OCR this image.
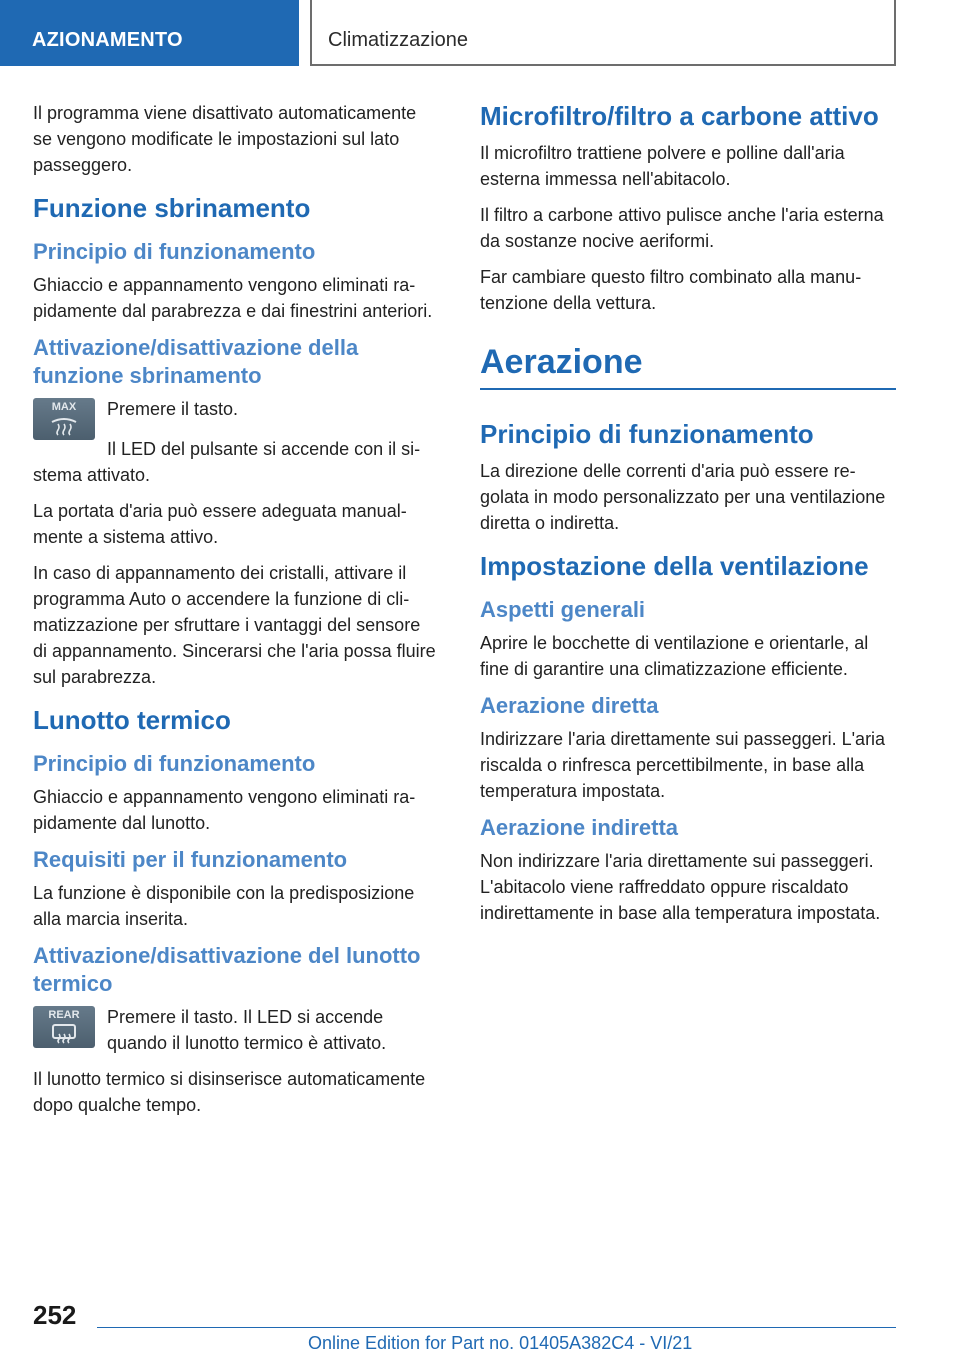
AZIONAMENTO	Climatizzazione

Il programma viene disattivato automaticamente se vengono modificate le impostazioni sul lato passeggero.

Funzione sbrinamento
Principio di funzionamento

Ghiaccio e appannamento vengono eliminati rapidamente dal parabrezza e dai finestrini anteriori.

Attivazione/disattivazione della funzione sbrinamento
MAX	Premere il tasto.

Il LED del pulsante si accende con il sistema attivato.

La portata d'aria può essere adeguata manualmente a sistema attivo.

In caso di appannamento dei cristalli, attivare il programma Auto o accendere la funzione di climatizzazione per sfruttare i vantaggi del sensore di appannamento. Sincerarsi che l'aria possa fluire sul parabrezza.

Lunotto termico
Principio di funzionamento

Ghiaccio e appannamento vengono eliminati rapidamente dal lunotto.

Requisiti per il funzionamento

La funzione è disponibile con la predisposizione alla marcia inserita.

Attivazione/disattivazione del lunotto termico
REAR	Premere il tasto. Il LED si accende quando il lunotto termico è attivato.

Il lunotto termico si disinserisce automaticamente dopo qualche tempo.

Microfiltro/filtro a carbone attivo

Il microfiltro trattiene polvere e polline dall'aria esterna immessa nell'abitacolo.

Il filtro a carbone attivo pulisce anche l'aria esterna da sostanze nocive aeriformi.

Far cambiare questo filtro combinato alla manutenzione della vettura.

Aerazione
Principio di funzionamento

La direzione delle correnti d'aria può essere regolata in modo personalizzato per una ventilazione diretta o indiretta.

Impostazione della ventilazione
Aspetti generali

Aprire le bocchette di ventilazione e orientarle, al fine di garantire una climatizzazione efficiente.

Aerazione diretta

Indirizzare l'aria direttamente sui passeggeri. L'aria riscalda o rinfresca percettibilmente, in base alla temperatura impostata.

Aerazione indiretta

Non indirizzare l'aria direttamente sui passeggeri. L'abitacolo viene raffreddato oppure riscaldato indirettamente in base alla temperatura impostata.

252
Online Edition for Part no. 01405A382C4 - VI/21
